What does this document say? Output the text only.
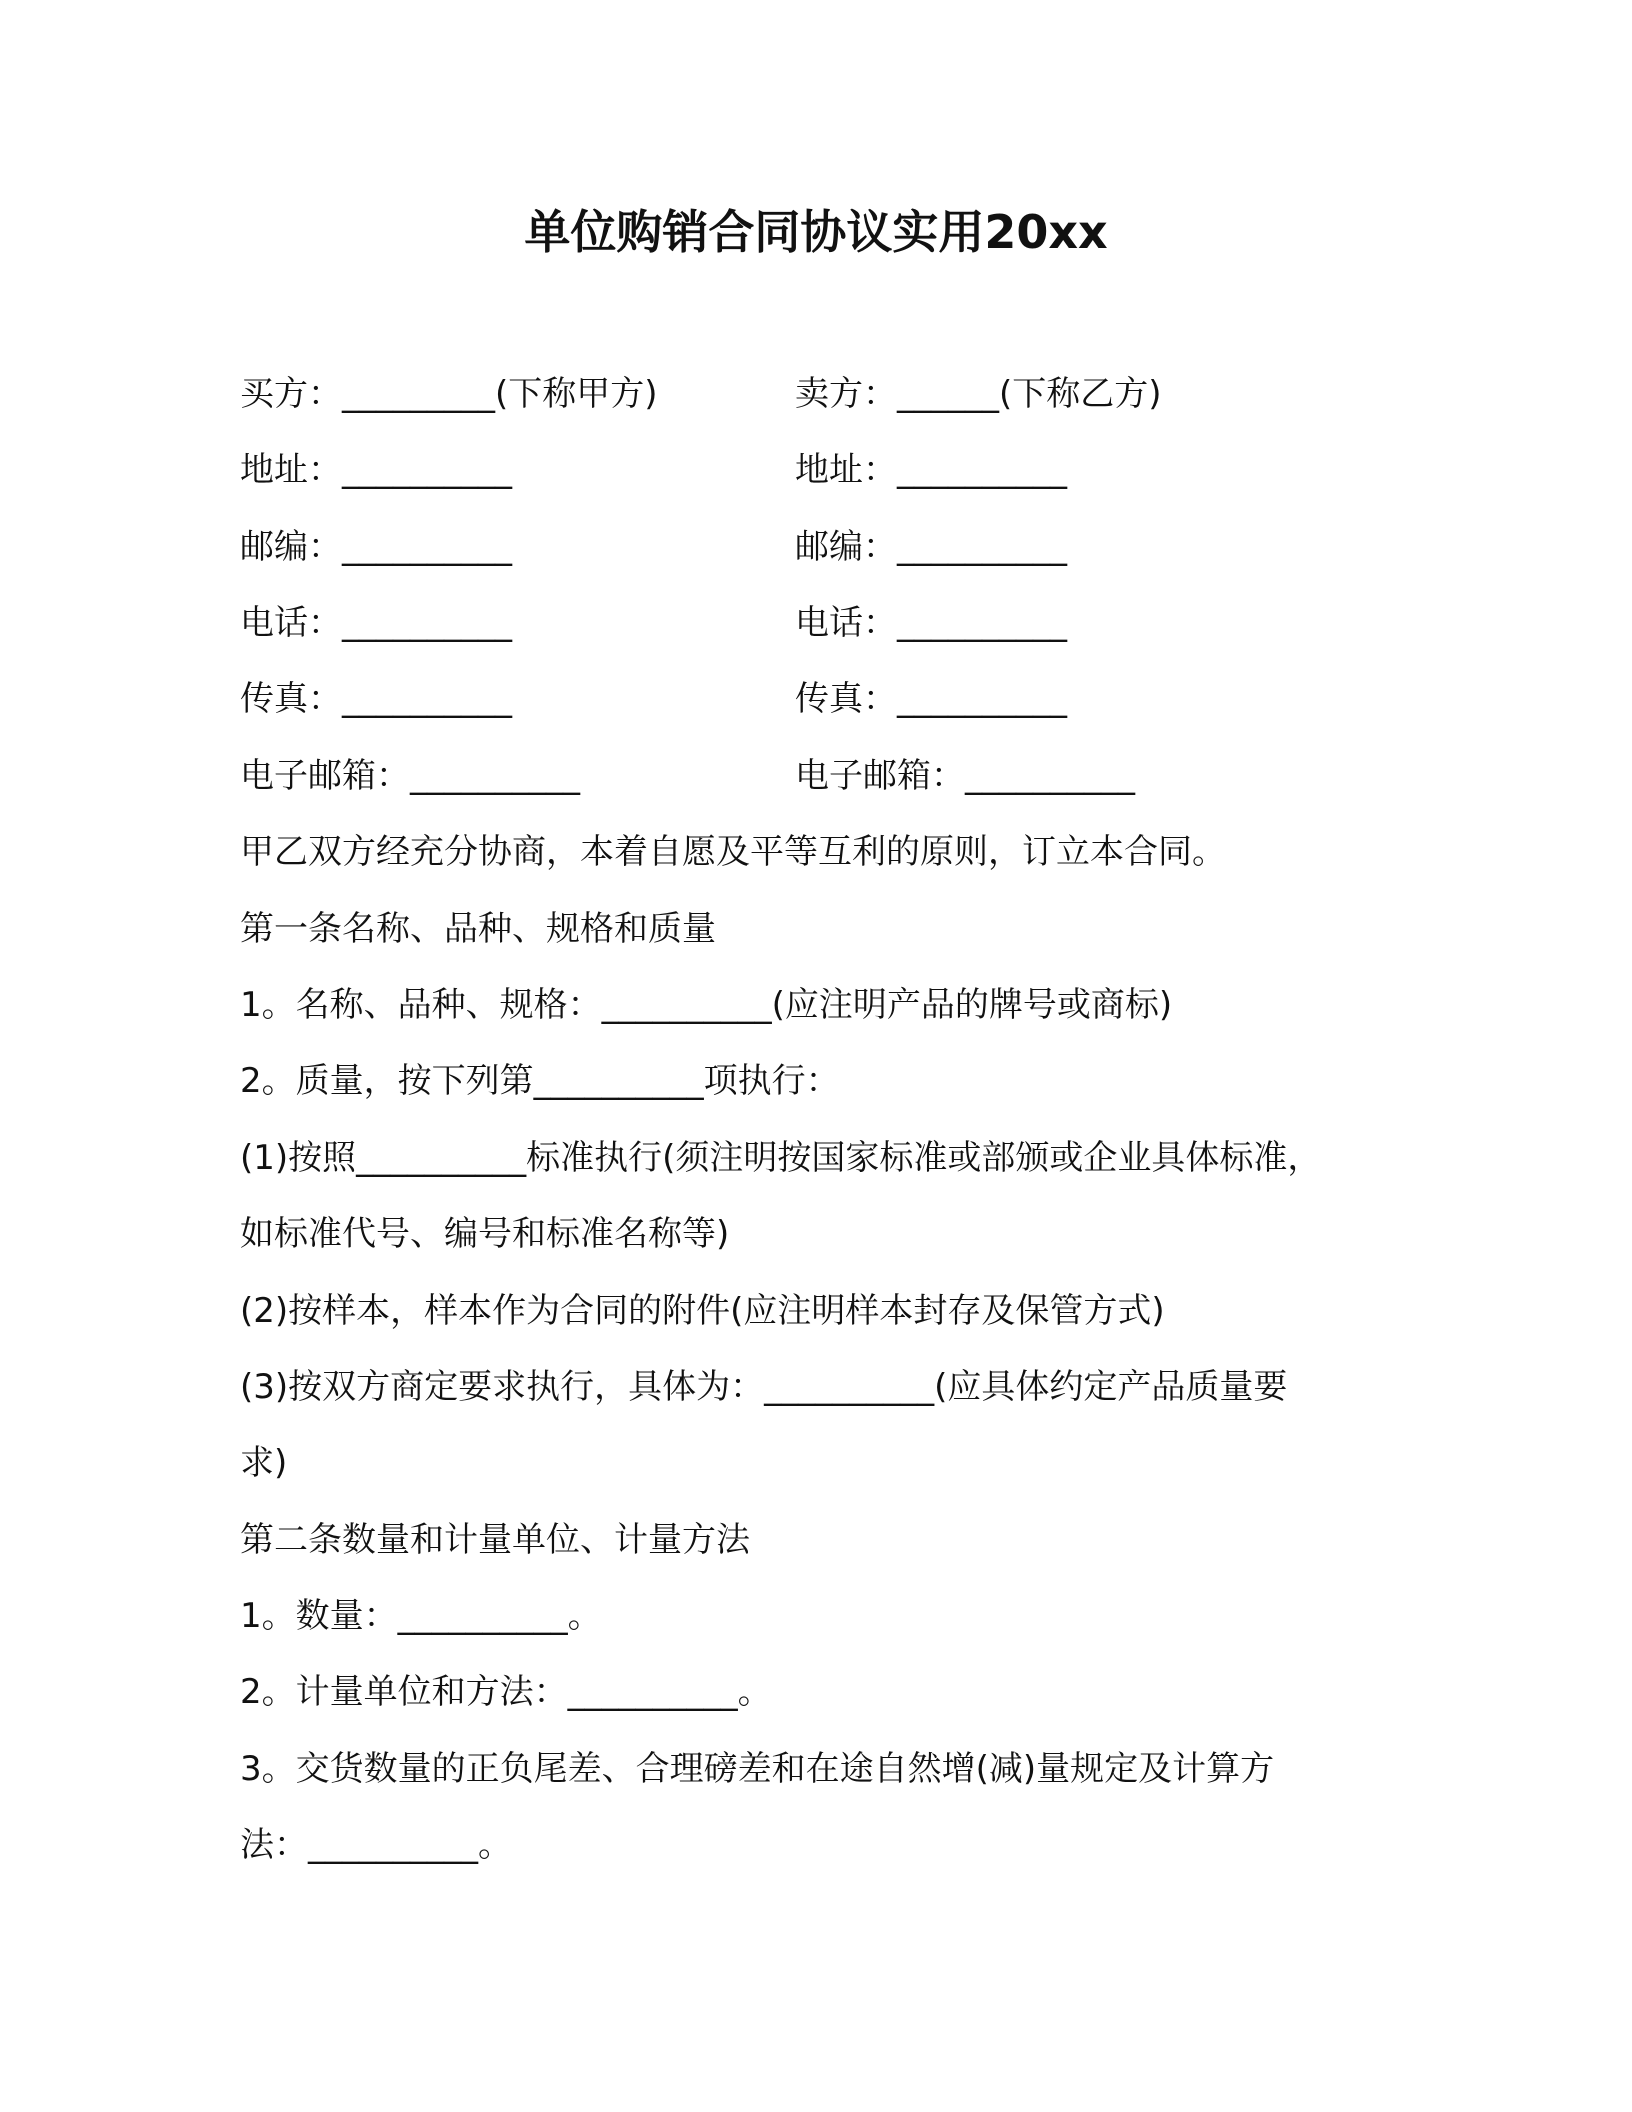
单位购销合同协议实用20xx
买方：_________(下称甲方)	卖方：______(下称乙方)
地址：__________	地址：__________
邮编：__________	邮编：__________
电话：__________	电话：__________
传真：__________	传真：__________
电子邮箱：__________	电子邮箱：__________
甲乙双方经充分协商，本着自愿及平等互利的原则，订立本合同。
第一条名称、品种、规格和质量
1。名称、品种、规格：__________(应注明产品的牌号或商标)
2。质量，按下列第__________项执行：
(1)按照__________标准执行(须注明按国家标准或部颁或企业具体标准，
如标准代号、编号和标准名称等)
(2)按样本，样本作为合同的附件(应注明样本封存及保管方式)
(3)按双方商定要求执行，具体为：__________(应具体约定产品质量要
求)
第二条数量和计量单位、计量方法
1。数量：__________。
2。计量单位和方法：__________。
3。交货数量的正负尾差、合理磅差和在途自然增(减)量规定及计算方
法：__________。
